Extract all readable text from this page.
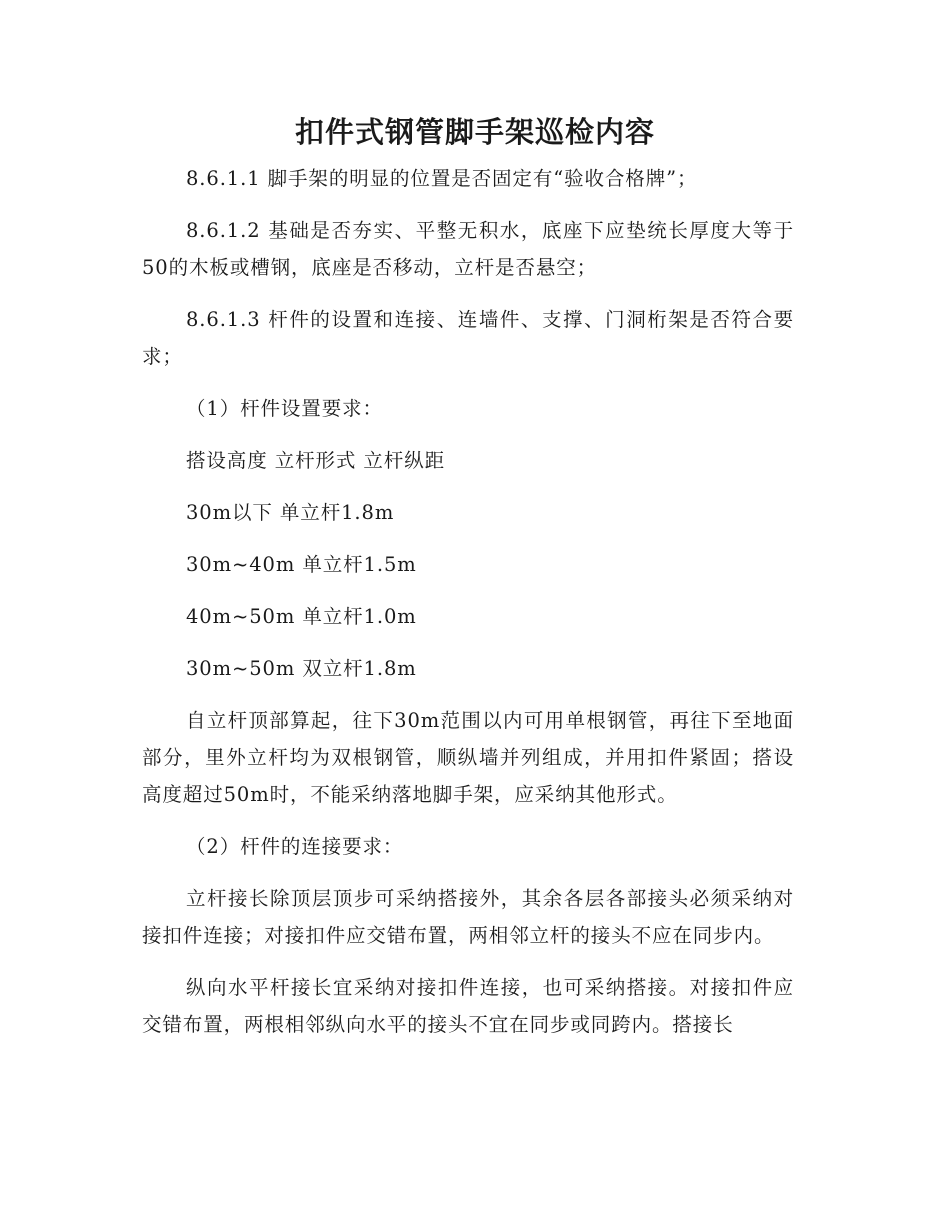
扣件式钢管脚手架巡检内容

8.6.1.1 脚手架的明显的位置是否固定有“验收合格牌”；

8.6.1.2 基础是否夯实、平整无积水，底座下应垫统长厚度大等于50的木板或槽钢，底座是否移动，立杆是否悬空；

8.6.1.3 杆件的设置和连接、连墙件、支撑、门洞桁架是否符合要求；

（1）杆件设置要求：

搭设高度 立杆形式 立杆纵距

30m以下 单立杆1.8m

30m~40m 单立杆1.5m

40m~50m 单立杆1.0m

30m~50m 双立杆1.8m

自立杆顶部算起，往下30m范围以内可用单根钢管，再往下至地面部分，里外立杆均为双根钢管，顺纵墙并列组成，并用扣件紧固；搭设高度超过50m时，不能采纳落地脚手架，应采纳其他形式。

（2）杆件的连接要求：

立杆接长除顶层顶步可采纳搭接外，其余各层各部接头必须采纳对接扣件连接；对接扣件应交错布置，两相邻立杆的接头不应在同步内。

纵向水平杆接长宜采纳对接扣件连接，也可采纳搭接。对接扣件应交错布置，两根相邻纵向水平的接头不宜在同步或同跨内。搭接长
